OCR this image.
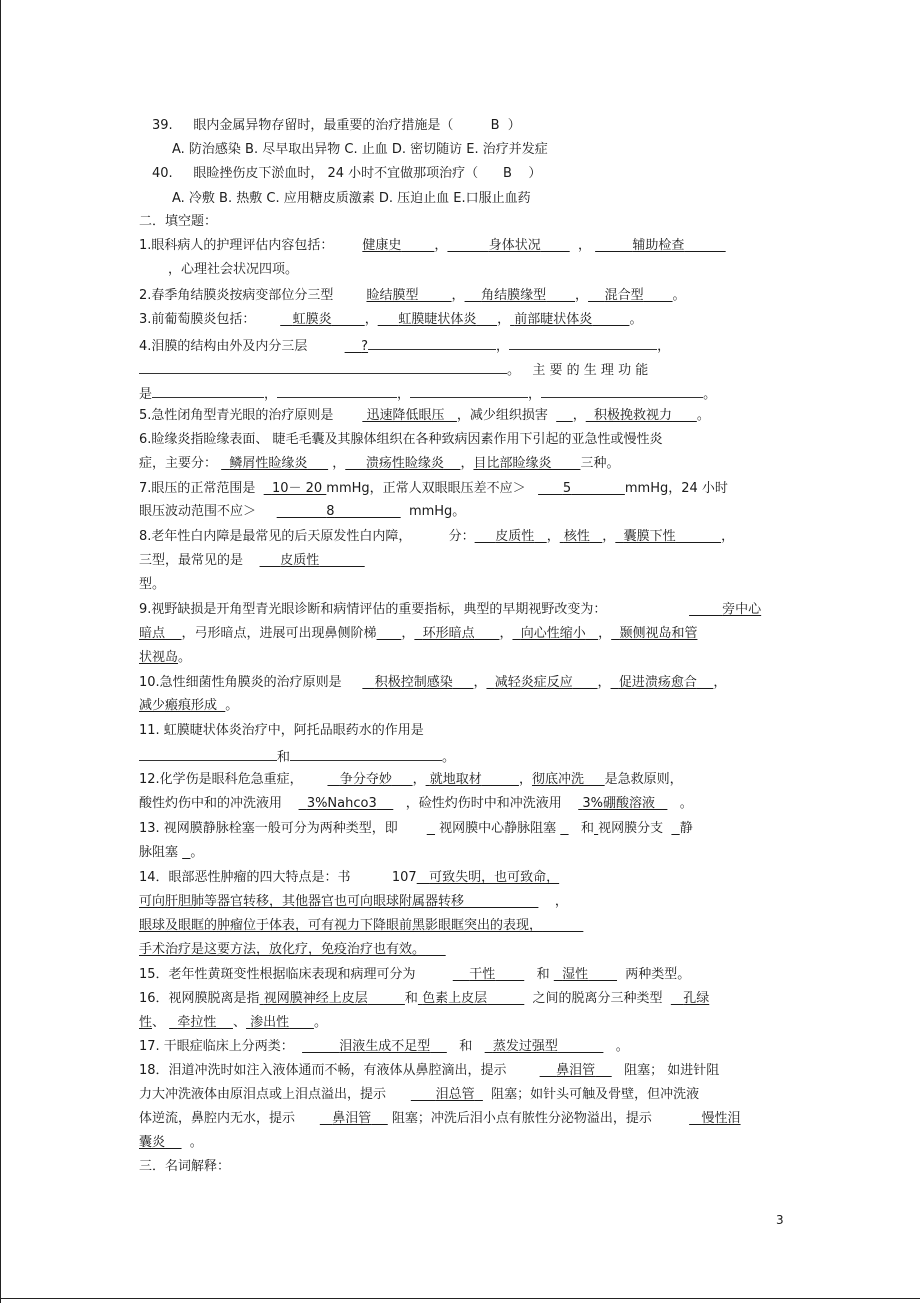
39. 眼内金属异物存留时，最重要的治疗措施是（	B ）
A. 防治感染 B. 尽早取出异物 C. 止血 D. 密切随访 E. 治疗并发症
40. 眼睑挫伤皮下淤血时， 24 小时不宜做那项治疗（ B ）
A. 冷敷 B. 热敷 C. 应用糖皮质激素 D. 压迫止血 E.口服止血药
二．填空题：
1.眼科病人的护理评估内容包括： 健康史	，	身体状况         ，	辅助检查
，心理社会状况四项。
2.春季角结膜炎按病变部位分三型	睑结膜型	， 角结膜缘型 ， 混合型 。
3.前葡萄膜炎包括：	虹膜炎	， 虹膜睫状体炎 ， 前部睫状体炎	。
4.泪膜的结构由外及内分三层	?	，	，
。   主 要 的 生 理 功 能
是	，	，	，	。
5.急性闭角型青光眼的治疗原则是	迅速降低眼压 ，减少组织损害 ， 积极挽救视力 。
6.睑缘炎指睑缘表面、 睫毛毛囊及其腺体组织在各种致病因素作用下引起的亚急性或慢性炎
症，主要分： 鳞屑性睑缘炎      ， 溃疡性睑缘炎 ，目比部睑缘炎 三种。
7.眼压的正常范围是 10－ 20 mmHg，正常人双眼眼压差不应＞	5	mmHg，24 小时
眼压波动范围不应＞	8	mmHg。
8.老年性白内障是最常见的后天原发性白内障，	分： 皮质性 ， 核性 ， 囊膜下性	，
三型，最常见的是	皮质性
型。
9.视野缺损是开角型青光眼诊断和病情评估的重要指标，典型的早期视野改变为：	旁中心
暗点 ，弓形暗点，进展可出现鼻侧阶梯 ， 环形暗点 ， 向心性缩小 ， 颞侧视岛和管
状视岛。
10.急性细菌性角膜炎的治疗原则是	积极控制感染 ， 减轻炎症反应 ， 促进溃疡愈合 ，
减少瘢痕形成 。
11. 虹膜睫状体炎治疗中，阿托品眼药水的作用是
和	。
12.化学伤是眼科危急重症，	争分夺妙 ， 就地取材	，彻底冲洗 是急救原则，
酸性灼伤中和的冲洗液用 3%Nahco3 ，硷性灼伤时中和冲洗液用 3%硼酸溶液      。
13. 视网膜静脉栓塞一般可分为两种类型，即	视网膜中心静脉阻塞 和 视网膜分支 静
脉阻塞 。
14．眼部恶性肿瘤的四大特点是：书	107 可致失明，也可致命，
可向肝胆肺等器官转移，其他器官也可向眼球附属器转移	，
眼球及眼眶的肿瘤位于体表，可有视力下降眼前黑影眼眶突出的表现，
手术治疗是这要方法，放化疗，免疫治疗也有效。
15．老年性黄斑变性根据临床表现和病理可分为	干性	和 湿性	两种类型。
16．视网膜脱离是指 视网膜神经上皮层	和 色素上皮层	之间的脱离分三种类型 孔绿
性、   牵拉性 、 渗出性 。
17. 干眼症临床上分两类：	泪液生成不足型 和 蒸发过强型	。
18．泪道冲洗时如注入液体通而不畅，有液体从鼻腔滴出，提示	鼻泪管 阻塞； 如进针阻
力大冲洗液体由原泪点或上泪点溢出，提示	泪总管 阻塞；如针头可触及骨壁，但冲洗液
体逆流，鼻腔内无水，提示	鼻泪管 阻塞；冲洗后泪小点有脓性分泌物溢出，提示	慢性泪
囊炎      。
三．名词解释：
3
